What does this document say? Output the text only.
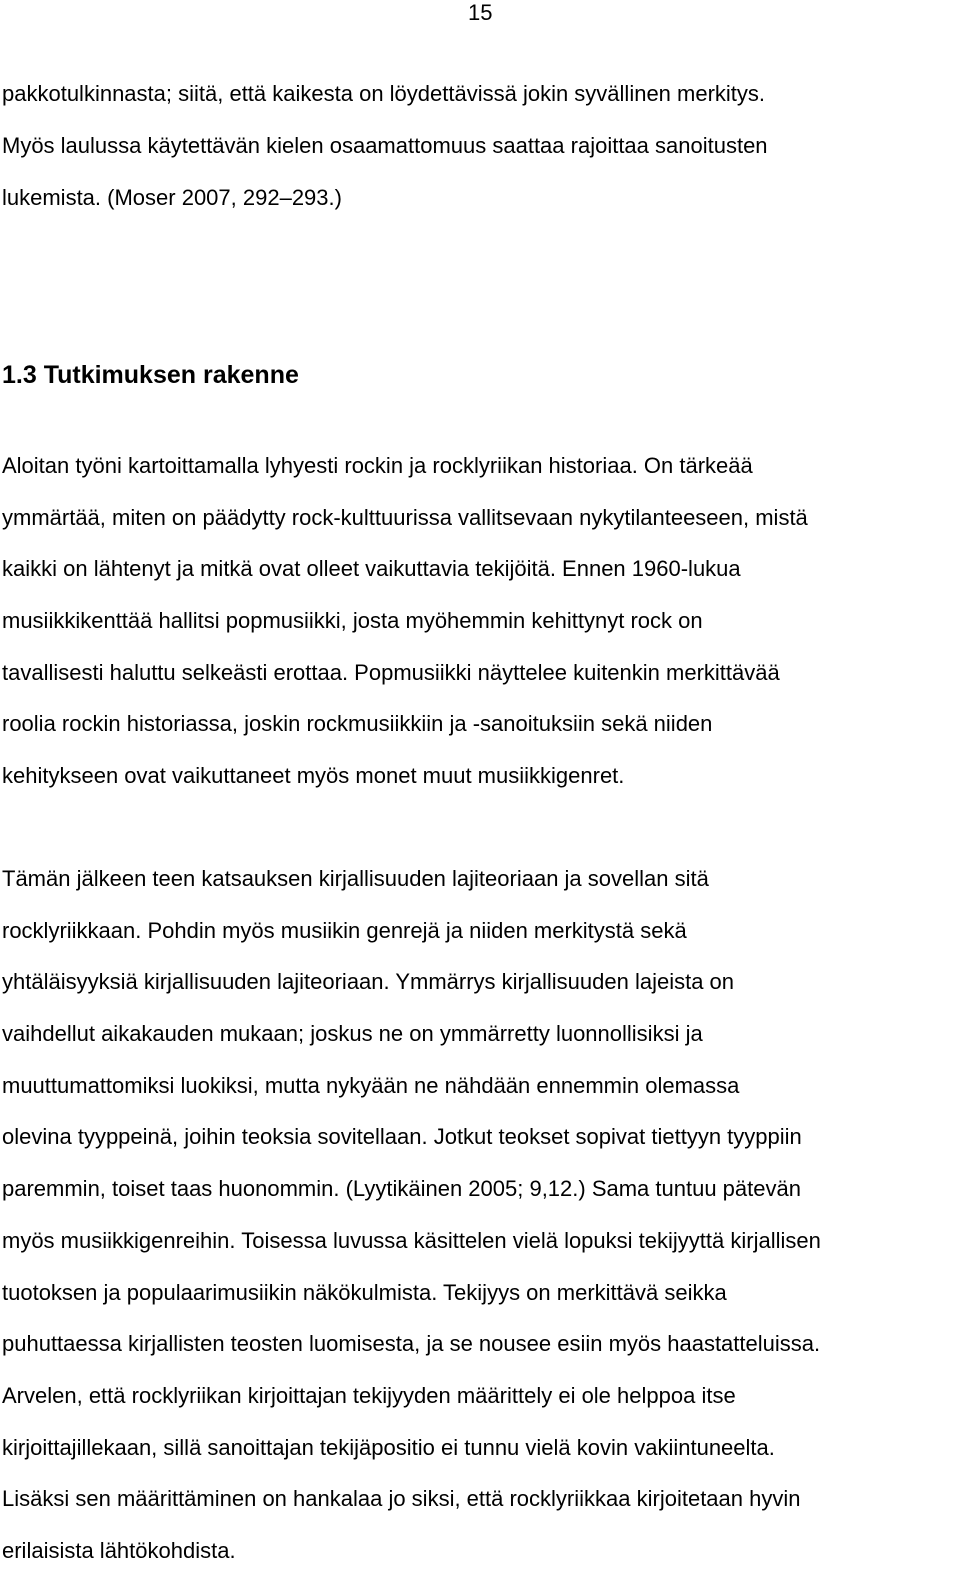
15
pakkotulkinnasta; siitä, että kaikesta on löydettävissä jokin syvällinen merkitys.
Myös laulussa käytettävän kielen osaamattomuus saattaa rajoittaa sanoitusten
lukemista. (Moser 2007, 292–293.)
1.3 Tutkimuksen rakenne
Aloitan työni kartoittamalla lyhyesti rockin ja rocklyriikan historiaa. On tärkeää
ymmärtää, miten on päädytty rock-kulttuurissa vallitsevaan nykytilanteeseen, mistä
kaikki on lähtenyt ja mitkä ovat olleet vaikuttavia tekijöitä. Ennen 1960-lukua
musiikkikenttää hallitsi popmusiikki, josta myöhemmin kehittynyt rock on
tavallisesti haluttu selkeästi erottaa. Popmusiikki näyttelee kuitenkin merkittävää
roolia rockin historiassa, joskin rockmusiikkiin ja -sanoituksiin sekä niiden
kehitykseen ovat vaikuttaneet myös monet muut musiikkigenret.
Tämän jälkeen teen katsauksen kirjallisuuden lajiteoriaan ja sovellan sitä
rocklyriikkaan. Pohdin myös musiikin genrejä ja niiden merkitystä sekä
yhtäläisyyksiä kirjallisuuden lajiteoriaan. Ymmärrys kirjallisuuden lajeista on
vaihdellut aikakauden mukaan; joskus ne on ymmärretty luonnollisiksi ja
muuttumattomiksi luokiksi, mutta nykyään ne nähdään ennemmin olemassa
olevina tyyppeinä, joihin teoksia sovitellaan. Jotkut teokset sopivat tiettyyn tyyppiin
paremmin, toiset taas huonommin. (Lyytikäinen 2005; 9,12.) Sama tuntuu pätevän
myös musiikkigenreihin. Toisessa luvussa käsittelen vielä lopuksi tekijyyttä kirjallisen
tuotoksen ja populaarimusiikin näkökulmista. Tekijyys on merkittävä seikka
puhuttaessa kirjallisten teosten luomisesta, ja se nousee esiin myös haastatteluissa.
Arvelen, että rocklyriikan kirjoittajan tekijyyden määrittely ei ole helppoa itse
kirjoittajillekaan, sillä sanoittajan tekijäpositio ei tunnu vielä kovin vakiintuneelta.
Lisäksi sen määrittäminen on hankalaa jo siksi, että rocklyriikkaa kirjoitetaan hyvin
erilaisista lähtökohdista.
